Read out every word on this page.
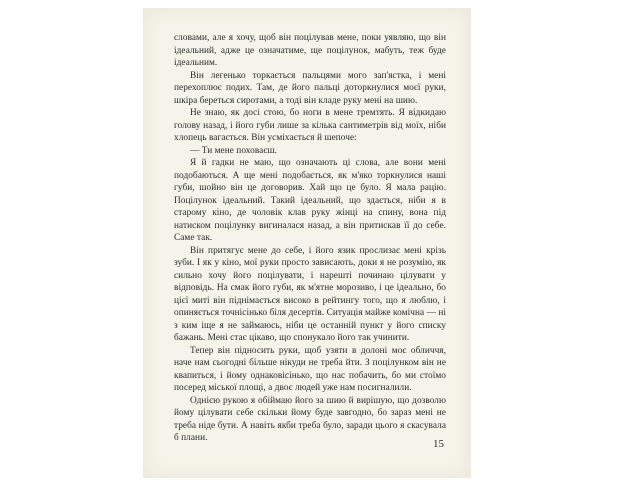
словами, але я хочу, щоб він поцілував мене, поки уявляю, що він ідеальний, адже це означатиме, ще поцілунок, мабуть, теж буде ідеальним.

Він легенько торкається пальцями мого зап'ястка, і мені перехоплює подих. Там, де його пальці доторкнулися моєї руки, шкіра береться сиротами, а тоді він кладе руку мені на шию.

Не знаю, як досі стою, бо ноги в мене тремтять. Я відкидаю голову назад, і його губи лише за кілька сантиметрів від моїх, ніби хлопець вагається. Він усміхається й шепоче:

— Ти мене поховаєш.

Я й гадки не маю, що означають ці слова, але вони мені подобаються. А ще мені подобається, як м'яко торкнулися наші губи, шойно він це договорив. Хай що це було. Я мала рацію. Поцілунок ідеальний. Такий ідеальний, що здається, ніби я в старому кіно, де чоловік клав руку жінці на спину, вона під натиском поцілунку вигиналася назад, а він притискав її до себе. Саме так.

Він притягує мене до себе, і його язик прослизає мені крізь зуби. І як у кіно, мої руки просто зависають, доки я не розумію, як сильно хочу його поцілувати, і нарешті починаю цілувати у відповідь. На смак його губи, як м'ятне морозиво, і це ідеально, бо цієї миті він піднімається високо в рейтингу того, що я люблю, і опиняється точнісінько біля десертів. Ситуація майже комічна — ні з ким іще я не займаюсь, ніби це останній пункт у його списку бажань. Мені стає цікаво, що спонукало його так учинити.

Тепер він підносить руки, щоб узяти в долоні моє обличчя, наче нам сьогодні більше нікуди не треба йти. З поцілунком він не квапиться, і йому однаковісінько, що нас побачить, бо ми стоїмо посеред міської площі, а двоє людей уже нам посигналили.

Однією рукою я обіймаю його за шию й вирішую, що дозволю йому цілувати себе скільки йому буде завгодно, бо зараз мені не треба ніде бути. А навіть якби треба було, заради цього я скасувала б плани.	15
